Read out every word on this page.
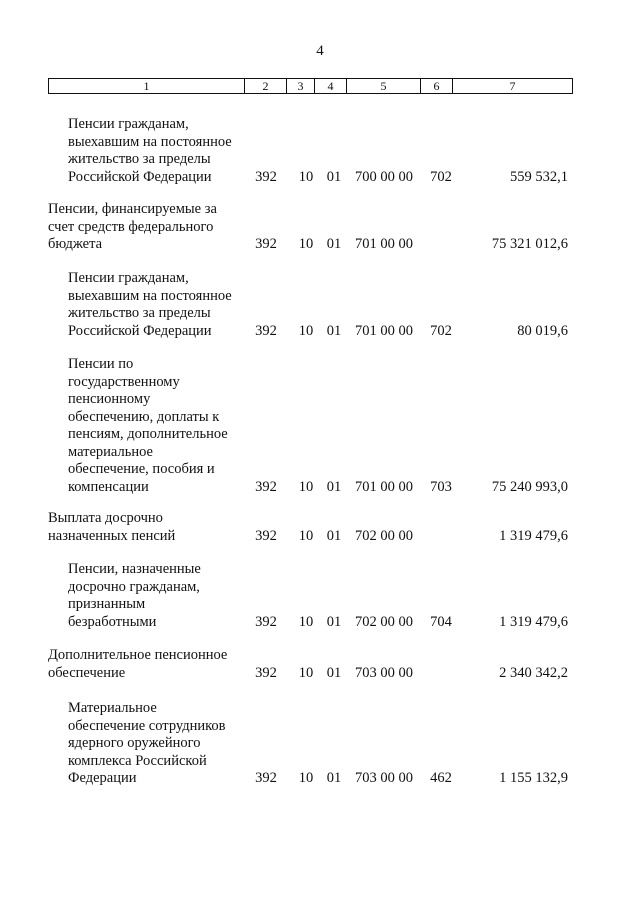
4
1	2	3	4	5	6	7
Пенсии гражданам,
выехавшим на постоянное
жительство за пределы
Российской Федерации	392	10 01 700 00 00	702	559 532,1
Пенсии, финансируемые за
счет средств федерального
бюджета	392	10 01 701 00 00	75 321 012,6
Пенсии гражданам,
выехавшим на постоянное
жительство за пределы
Российской Федерации	392	10 01 701 00 00	702	80 019,6
Пенсии по
государственному
пенсионному
обеспечению, доплаты к
пенсиям, дополнительное
материальное
обеспечение, пособия и
компенсации	392	10 01 701 00 00	703	75 240 993,0
Выплата досрочно
назначенных пенсий	392	10 01 702 00 00	1 319 479,6
Пенсии, назначенные
досрочно гражданам,
признанным
безработными	392	10 01 702 00 00	704	1 319 479,6
Дополнительное пенсионное
обеспечение	392	10 01 703 00 00	2 340 342,2
Материальное
обеспечение сотрудников
ядерного оружейного
комплекса Российской
Федерации	392	10 01 703 00 00	462	1 155 132,9
